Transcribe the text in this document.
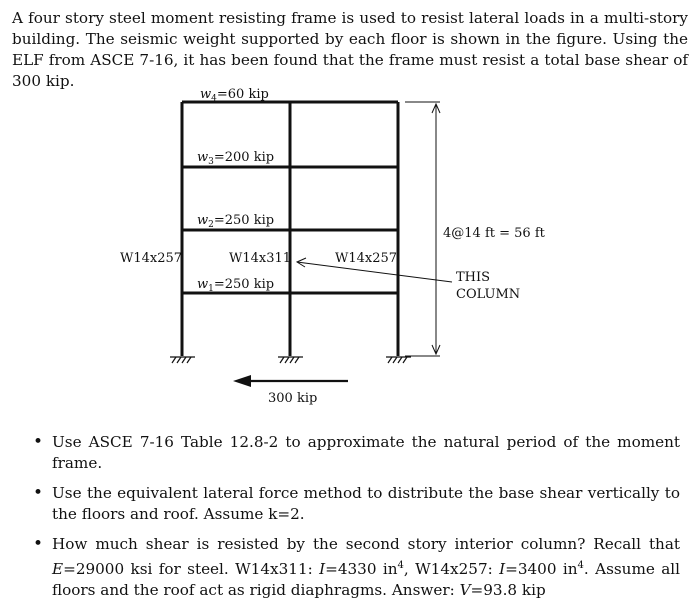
A four story steel moment resisting frame is used to resist lateral loads in a multi-story building. The seismic weight supported by each floor is shown in the figure. Using the ELF from ASCE 7-16, it has been found that the frame must resist a total base shear of 300 kip.

$w_4=60$ kip
$w_3=200$ kip
$w_2=250$ kip
$w_1=250$ kip
W14x257	W14x311	W14x257
THIS
COLUMN
4@14 ft = 56 ft
300 kip
• Use ASCE 7-16 Table 12.8-2 to approximate the natural period of the moment frame.
• Use the equivalent lateral force method to distribute the base shear vertically to the floors and roof. Assume k=2.
• How much shear is resisted by the second story interior column? Recall that E=29000 ksi for steel. W14x311: I=4330 $in^4$, W14x257: I=3400 $in^4$. Assume all floors and the roof act as rigid diaphragms. Answer: V=93.8 kip
